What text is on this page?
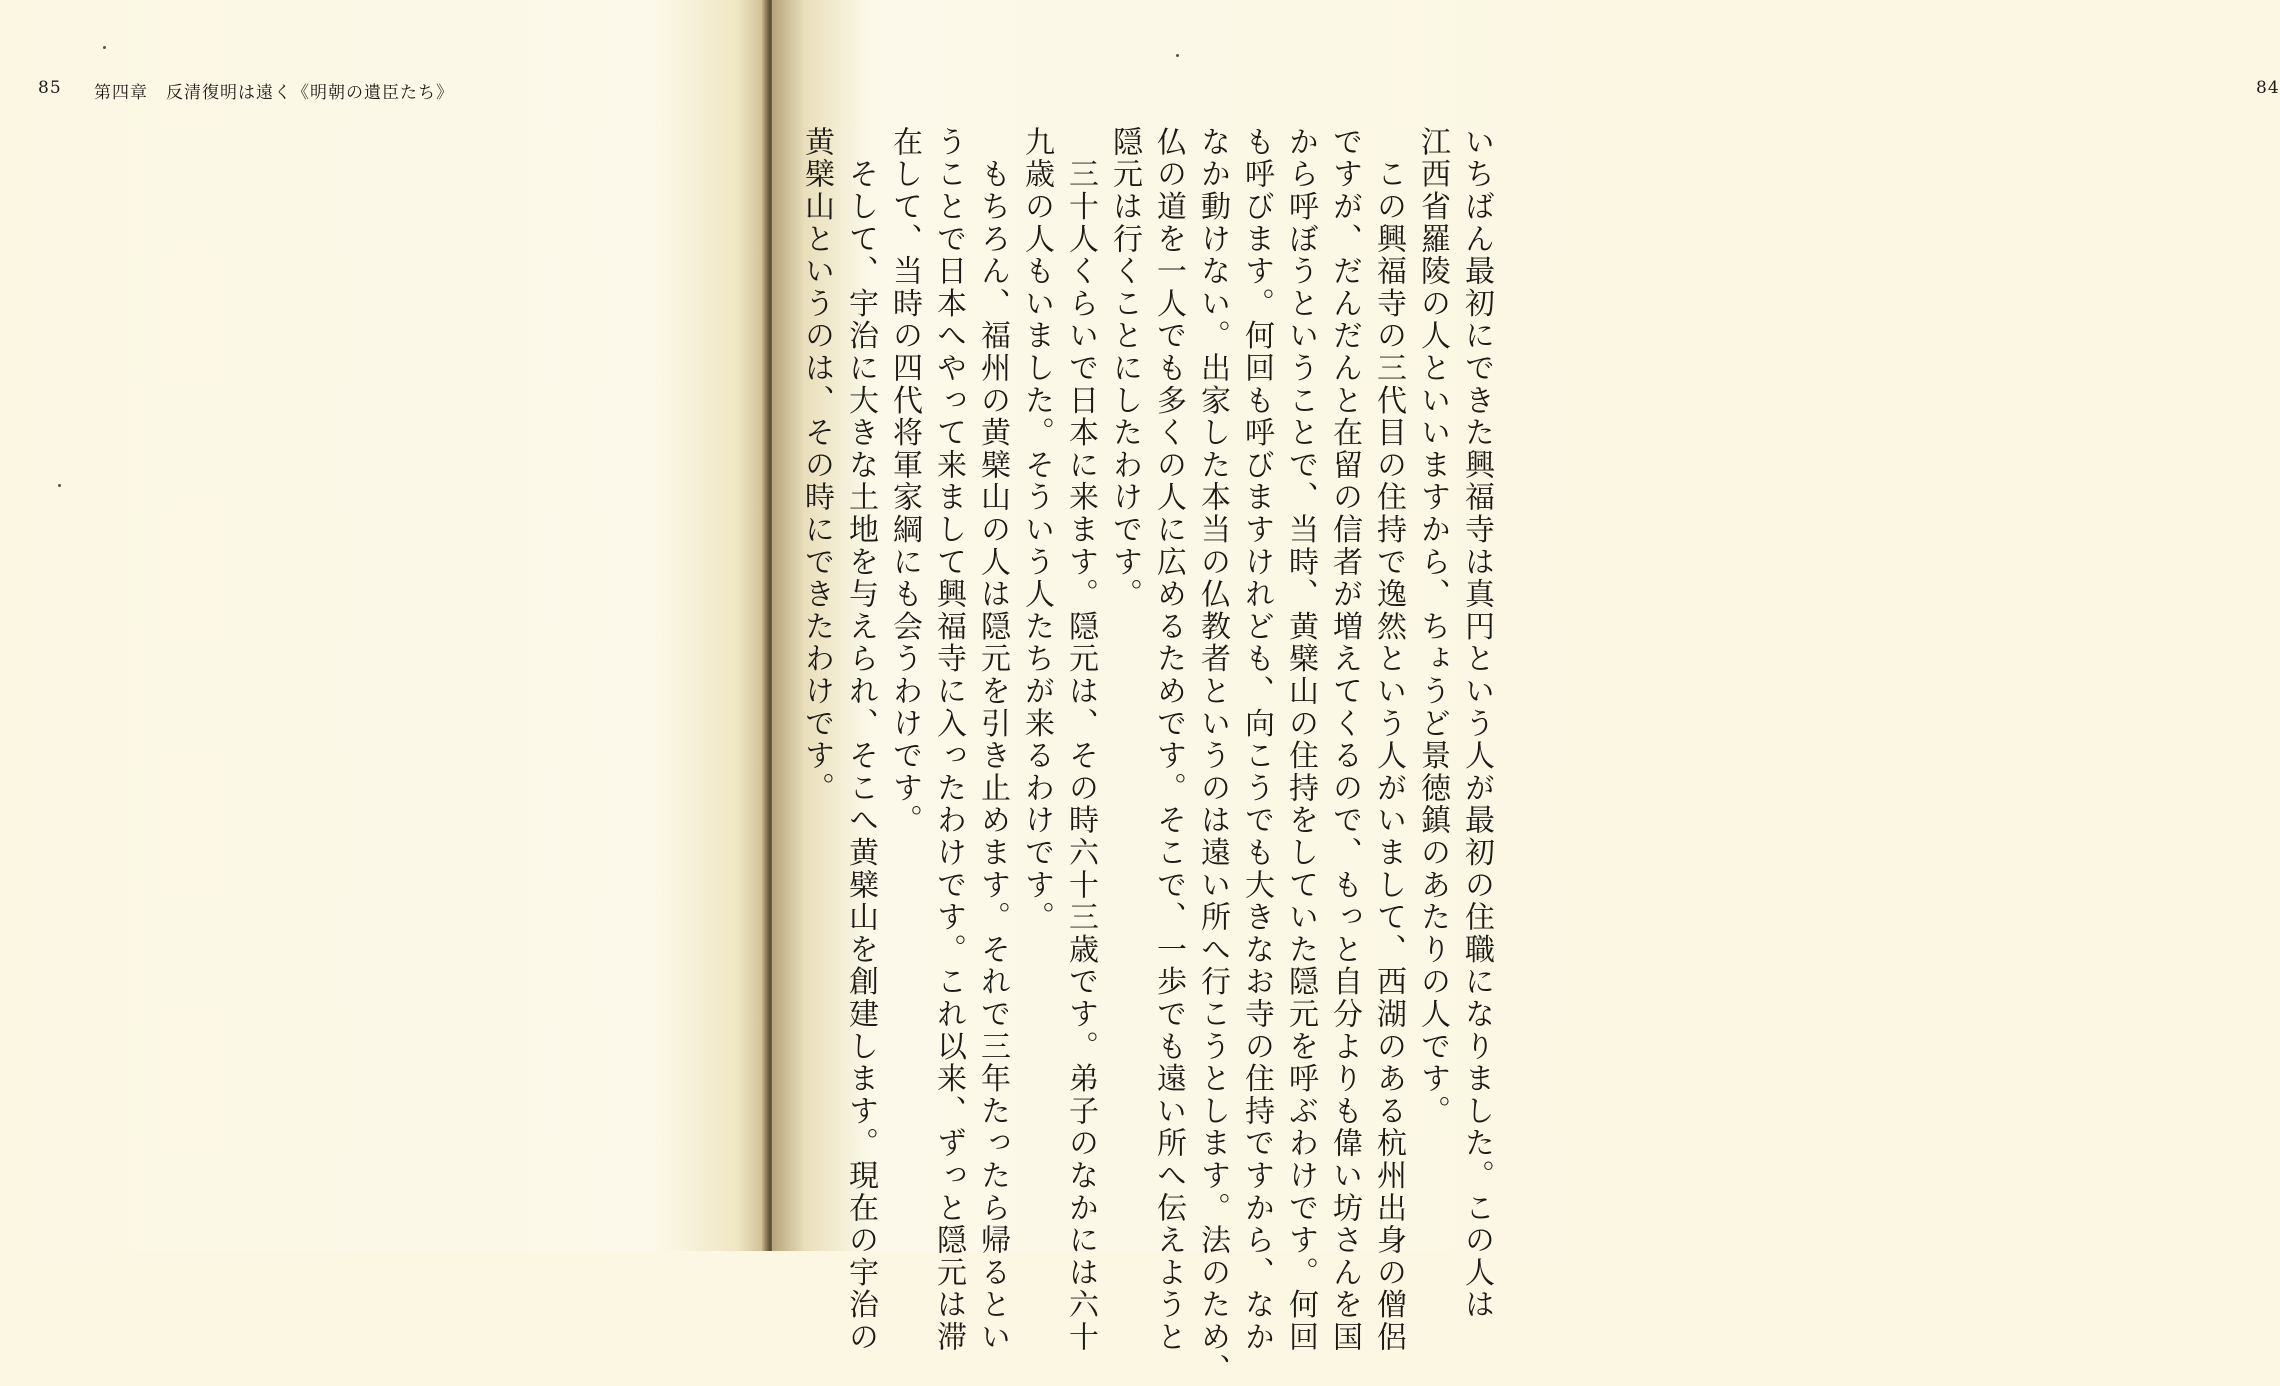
85 第四章　反清復明は遠く《明朝の遺臣たち》	84
いちばん最初にできた興福寺は真円という人が最初の住職になりました。この人は
江西省羅陵の人といいますから、ちょうど景徳鎮のあたりの人です。
　この興福寺の三代目の住持で逸然という人がいまして、西湖のある杭州出身の僧侶
ですが、だんだんと在留の信者が増えてくるので、もっと自分よりも偉い坊さんを国
から呼ぼうということで、当時、黄檗山の住持をしていた隠元を呼ぶわけです。何回
も呼びます。何回も呼びますけれども、向こうでも大きなお寺の住持ですから、なか
なか動けない。出家した本当の仏教者というのは遠い所へ行こうとします。法のため、
仏の道を一人でも多くの人に広めるためです。そこで、一歩でも遠い所へ伝えようと
隠元は行くことにしたわけです。
　三十人くらいで日本に来ます。隠元は、その時六十三歳です。弟子のなかには六十
九歳の人もいました。そういう人たちが来るわけです。
　もちろん、福州の黄檗山の人は隠元を引き止めます。それで三年たったら帰るとい
うことで日本へやって来まして興福寺に入ったわけです。これ以来、ずっと隠元は滞
在して、当時の四代将軍家綱にも会うわけです。
　そして、宇治に大きな土地を与えられ、そこへ黄檗山を創建します。現在の宇治の
黄檗山というのは、その時にできたわけです。
